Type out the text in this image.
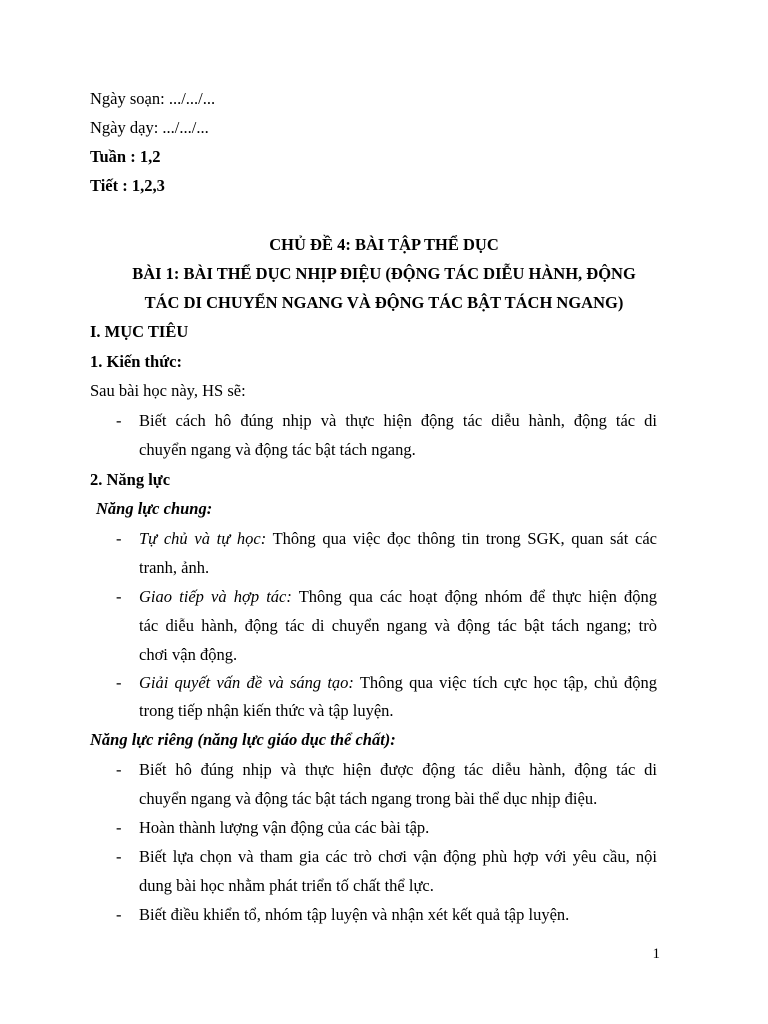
Ngày soạn: .../.../...
Ngày dạy: .../.../...
Tuần : 1,2
Tiết : 1,2,3
CHỦ ĐỀ 4: BÀI TẬP THỂ DỤC
BÀI 1: BÀI THỂ DỤC NHỊP ĐIỆU (ĐỘNG TÁC DIỄU HÀNH, ĐỘNG
TÁC DI CHUYỂN NGANG VÀ ĐỘNG TÁC BẬT TÁCH NGANG)
I. MỤC TIÊU
1. Kiến thức:
Sau bài học này, HS sẽ:
- Biết cách hô đúng nhịp và thực hiện động tác diễu hành, động tác di
chuyển ngang và động tác bật tách ngang.
2. Năng lực
Năng lực chung:
- Tự chủ và tự học: Thông qua việc đọc thông tin trong SGK, quan sát các
tranh, ảnh.
- Giao tiếp và hợp tác: Thông qua các hoạt động nhóm để thực hiện động
tác diễu hành, động tác di chuyển ngang và động tác bật tách ngang; trò
chơi vận động.
- Giải quyết vấn đề và sáng tạo: Thông qua việc tích cực học tập, chủ động
trong tiếp nhận kiến thức và tập luyện.
Năng lực riêng (năng lực giáo dục thể chất):
- Biết hô đúng nhịp và thực hiện được động tác diễu hành, động tác di
chuyển ngang và động tác bật tách ngang trong bài thể dục nhịp điệu.
- Hoàn thành lượng vận động của các bài tập.
- Biết lựa chọn và tham gia các trò chơi vận động phù hợp với yêu cầu, nội
dung bài học nhằm phát triển tố chất thể lực.
- Biết điều khiển tổ, nhóm tập luyện và nhận xét kết quả tập luyện.
1
